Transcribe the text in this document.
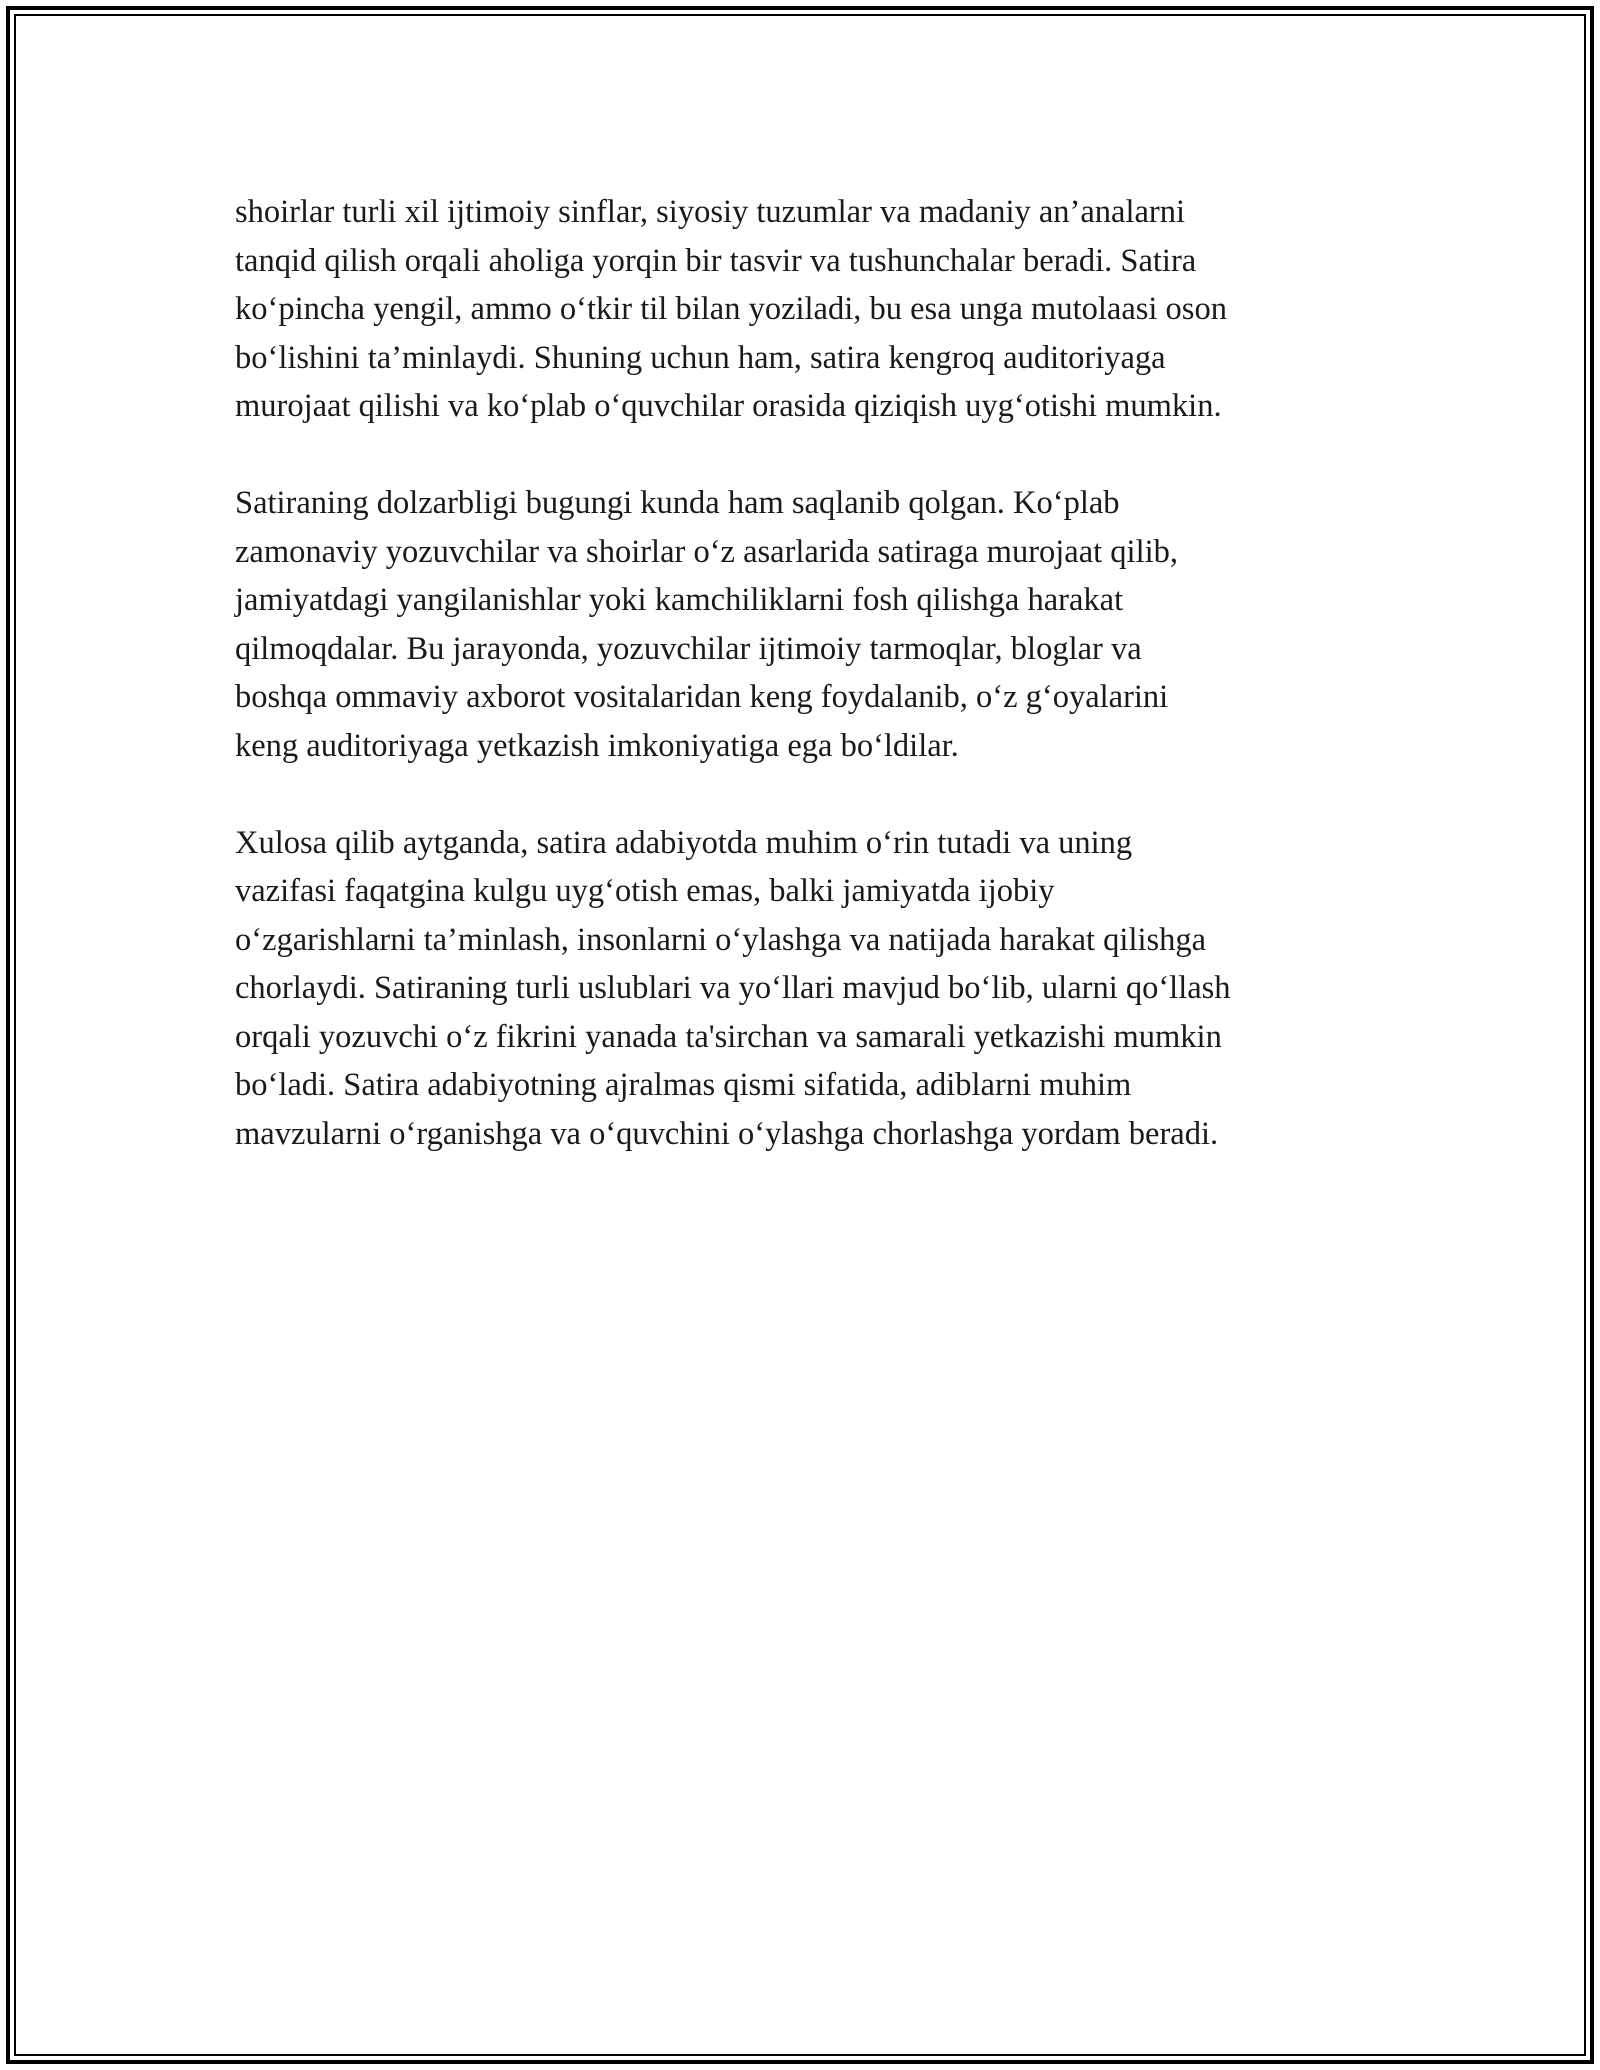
shoirlar turli xil ijtimoiy sinflar, siyosiy tuzumlar va madaniy an’analarni
tanqid qilish orqali aholiga yorqin bir tasvir va tushunchalar beradi. Satira
ko‘pincha yengil, ammo o‘tkir til bilan yoziladi, bu esa unga mutolaasi oson
bo‘lishini ta’minlaydi. Shuning uchun ham, satira kengroq auditoriyaga
murojaat qilishi va ko‘plab o‘quvchilar orasida qiziqish uyg‘otishi mumkin.

Satiraning dolzarbligi bugungi kunda ham saqlanib qolgan. Ko‘plab
zamonaviy yozuvchilar va shoirlar o‘z asarlarida satiraga murojaat qilib,
jamiyatdagi yangilanishlar yoki kamchiliklarni fosh qilishga harakat
qilmoqdalar. Bu jarayonda, yozuvchilar ijtimoiy tarmoqlar, bloglar va
boshqa ommaviy axborot vositalaridan keng foydalanib, o‘z g‘oyalarini
keng auditoriyaga yetkazish imkoniyatiga ega bo‘ldilar.

Xulosa qilib aytganda, satira adabiyotda muhim o‘rin tutadi va uning
vazifasi faqatgina kulgu uyg‘otish emas, balki jamiyatda ijobiy
o‘zgarishlarni ta’minlash, insonlarni o‘ylashga va natijada harakat qilishga
chorlaydi. Satiraning turli uslublari va yo‘llari mavjud bo‘lib, ularni qo‘llash
orqali yozuvchi o‘z fikrini yanada ta'sirchan va samarali yetkazishi mumkin
bo‘ladi. Satira adabiyotning ajralmas qismi sifatida, adiblarni muhim
mavzularni o‘rganishga va o‘quvchini o‘ylashga chorlashga yordam beradi.
